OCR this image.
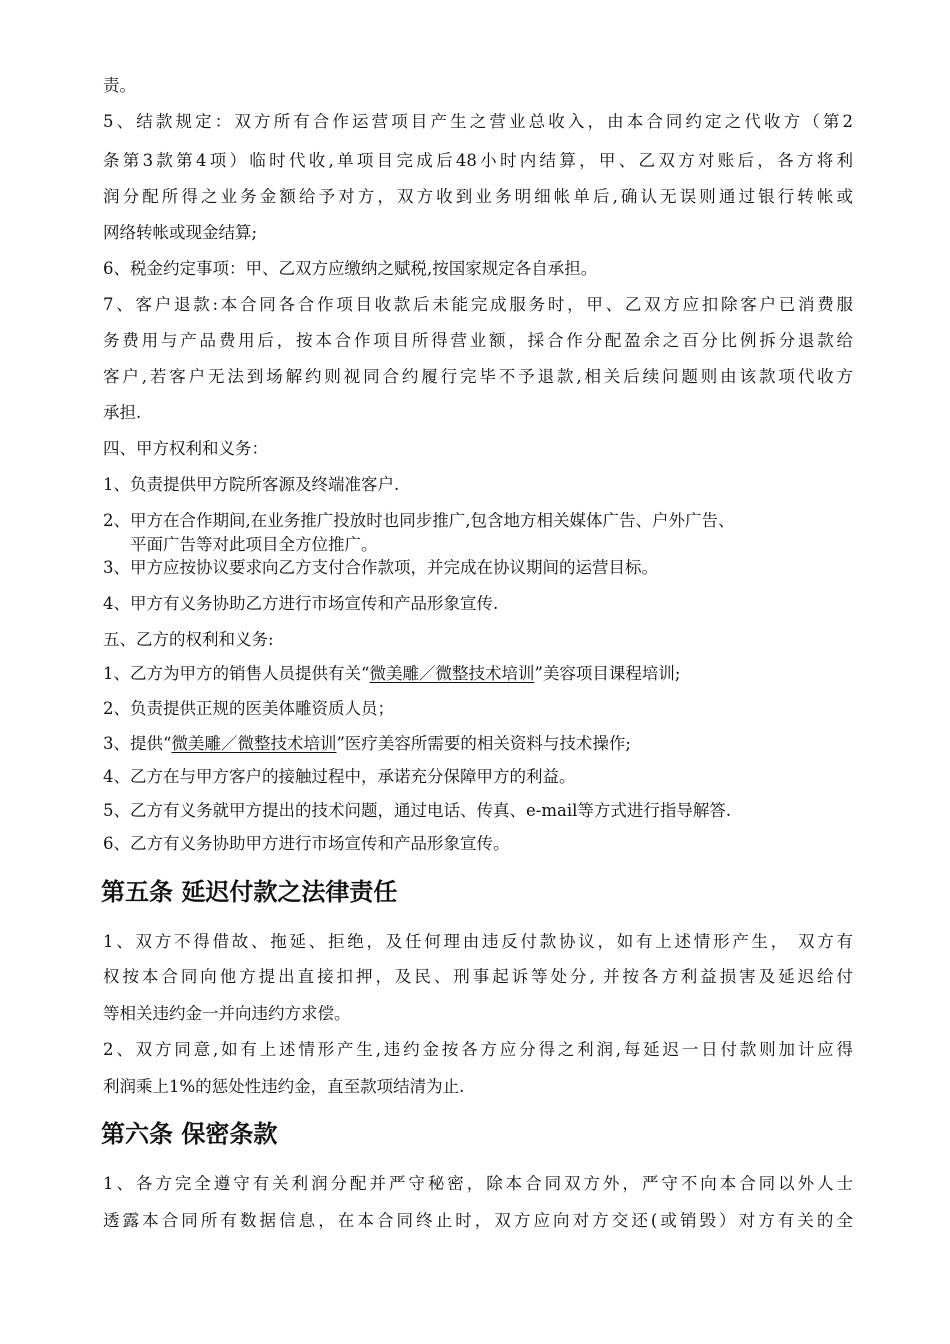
责。
5、结款规定：双方所有合作运营项目产生之营业总收入，由本合同约定之代收方（第2
条第3款第4项）临时代收,单项目完成后48小时内结算，甲、乙双方对账后，各方将利
润分配所得之业务金额给予对方，双方收到业务明细帐单后,确认无误则通过银行转帐或
网络转帐或现金结算;
6、税金约定事项：甲、乙双方应缴纳之赋税,按国家规定各自承担。
7、客户退款:本合同各合作项目收款后未能完成服务时，甲、乙双方应扣除客户已消费服
务费用与产品费用后，按本合作项目所得营业额，採合作分配盈余之百分比例拆分退款给
客户,若客户无法到场解约则视同合约履行完毕不予退款,相关后续问题则由该款项代收方
承担.
四、甲方权利和义务：
1、负责提供甲方院所客源及终端准客户.
2、甲方在合作期间,在业务推广投放时也同步推广,包含地方相关媒体广告、户外广告、
平面广告等对此项目全方位推广。
3、甲方应按协议要求向乙方支付合作款项，并完成在协议期间的运营目标。
4、甲方有义务协助乙方进行市场宣传和产品形象宣传.
五、乙方的权利和义务:
1、乙方为甲方的销售人员提供有关“微美雕／微整技术培训”美容项目课程培训;
2、负责提供正规的医美体雕资质人员；
3、提供“微美雕／微整技术培训”医疗美容所需要的相关资料与技术操作;
4、乙方在与甲方客户的接触过程中，承诺充分保障甲方的利益。
5、乙方有义务就甲方提出的技术问题，通过电话、传真、e-mail等方式进行指导解答.
6、乙方有义务协助甲方进行市场宣传和产品形象宣传。
第五条 延迟付款之法律责任
1、双方不得借故、拖延、拒绝，及任何理由违反付款协议，如有上述情形产生， 双方有
权按本合同向他方提出直接扣押，及民、刑事起诉等处分, 并按各方利益损害及延迟给付
等相关违约金一并向违约方求偿。
2、双方同意,如有上述情形产生,违约金按各方应分得之利润,每延迟一日付款则加计应得
利润乘上1%的惩处性违约金，直至款项结清为止.
第六条 保密条款
1、各方完全遵守有关利润分配并严守秘密，除本合同双方外，严守不向本合同以外人士
透露本合同所有数据信息，在本合同终止时，双方应向对方交还(或销毁）对方有关的全
